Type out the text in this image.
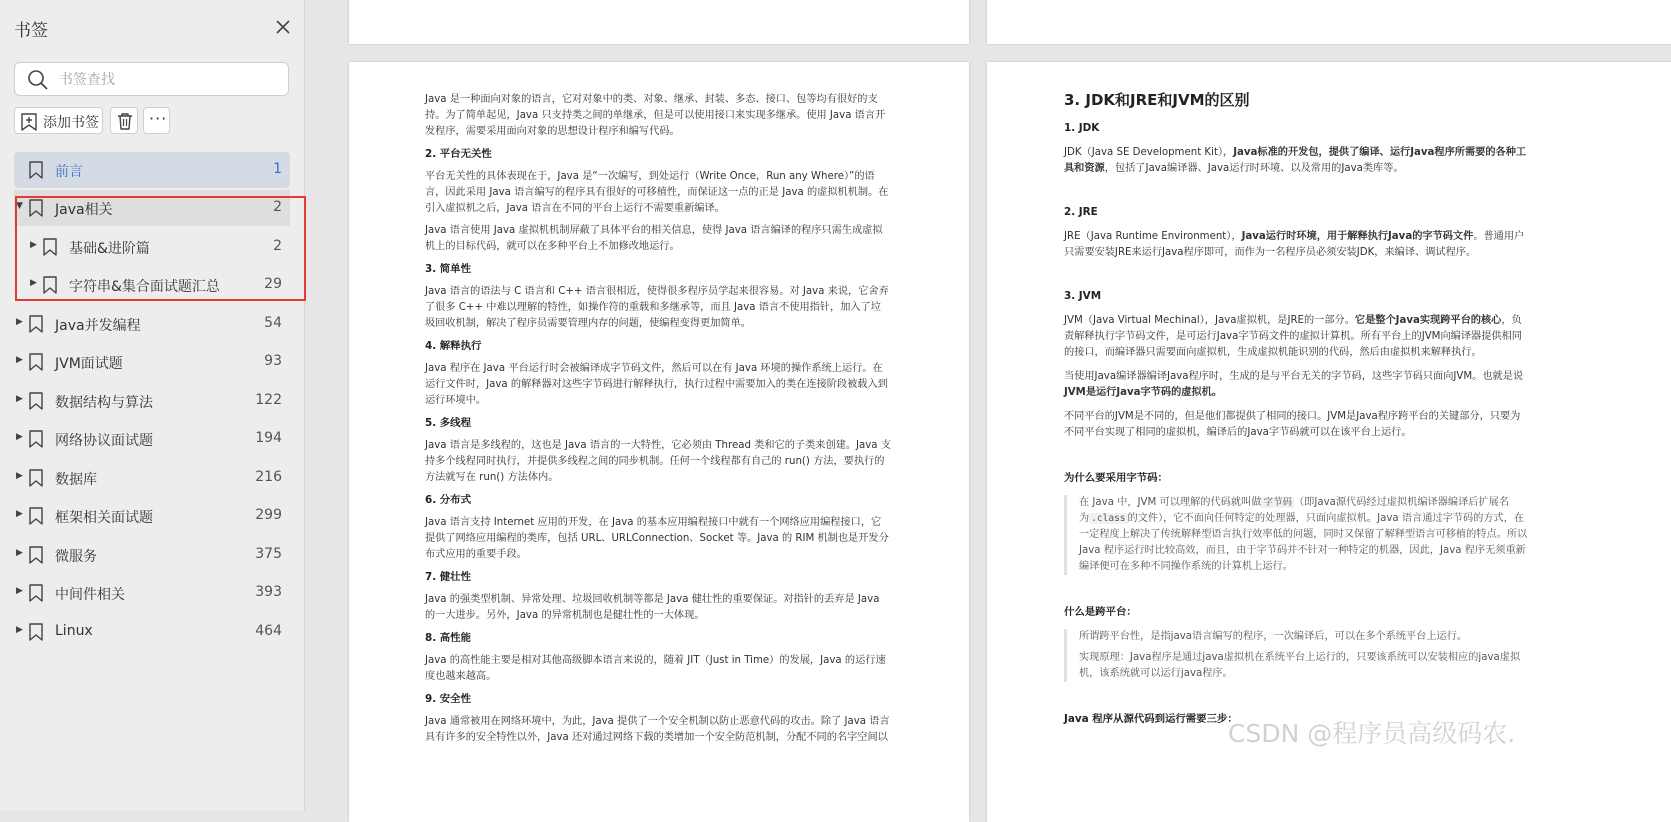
书签
书签查找
添加书签	···
前言	1
▼ Java相关	2
▶ 基础&进阶篇	2
▶ 字符串&集合面试题汇总	29
▶ Java并发编程	54
▶ JVM面试题	93
▶ 数据结构与算法	122
▶ 网络协议面试题	194
▶ 数据库	216
▶ 框架相关面试题	299
▶ 微服务	375
▶ 中间件相关	393
▶ Linux	464

Java 是一种面向对象的语言，它对对象中的类、对象、继承、封装、多态、接口、包等均有很好的支持。为了简单起见，Java 只支持类之间的单继承，但是可以使用接口来实现多继承。使用 Java 语言开发程序，需要采用面向对象的思想设计程序和编写代码。

2. 平台无关性

平台无关性的具体表现在于，Java 是“一次编写，到处运行（Write Once，Run any Where）”的语言，因此采用 Java 语言编写的程序具有很好的可移植性，而保证这一点的正是 Java 的虚拟机机制。在引入虚拟机之后，Java 语言在不同的平台上运行不需要重新编译。

Java 语言使用 Java 虚拟机机制屏蔽了具体平台的相关信息，使得 Java 语言编译的程序只需生成虚拟机上的目标代码，就可以在多种平台上不加修改地运行。

3. 简单性

Java 语言的语法与 C 语言和 C++ 语言很相近，使得很多程序员学起来很容易。对 Java 来说，它舍弃了很多 C++ 中难以理解的特性，如操作符的重载和多继承等，而且 Java 语言不使用指针，加入了垃圾回收机制，解决了程序员需要管理内存的问题，使编程变得更加简单。

4. 解释执行

Java 程序在 Java 平台运行时会被编译成字节码文件，然后可以在有 Java 环境的操作系统上运行。在运行文件时，Java 的解释器对这些字节码进行解释执行，执行过程中需要加入的类在连接阶段被载入到运行环境中。

5. 多线程

Java 语言是多线程的，这也是 Java 语言的一大特性，它必须由 Thread 类和它的子类来创建。Java 支持多个线程同时执行，并提供多线程之间的同步机制。任何一个线程都有自己的 run() 方法，要执行的方法就写在 run() 方法体内。

6. 分布式

Java 语言支持 Internet 应用的开发，在 Java 的基本应用编程接口中就有一个网络应用编程接口，它提供了网络应用编程的类库，包括 URL、URLConnection、Socket 等。Java 的 RIM 机制也是开发分布式应用的重要手段。

7. 健壮性

Java 的强类型机制、异常处理、垃圾回收机制等都是 Java 健壮性的重要保证。对指针的丢弃是 Java 的一大进步。另外，Java 的异常机制也是健壮性的一大体现。

8. 高性能

Java 的高性能主要是相对其他高级脚本语言来说的，随着 JIT（Just in Time）的发展，Java 的运行速度也越来越高。

9. 安全性

Java 通常被用在网络环境中，为此，Java 提供了一个安全机制以防止恶意代码的攻击。除了 Java 语言具有许多的安全特性以外，Java 还对通过网络下载的类增加一个安全防范机制，分配不同的名字空间以

3. JDK和JRE和JVM的区别
1. JDK

JDK（Java SE Development Kit），Java标准的开发包，提供了编译、运行Java程序所需要的各种工具和资源，包括了Java编译器、Java运行时环境、以及常用的Java类库等。

2. JRE

JRE（Java Runtime Environment），Java运行时环境，用于解释执行Java的字节码文件。普通用户只需要安装JRE来运行Java程序即可，而作为一名程序员必须安装JDK，来编译、调试程序。

3. JVM

JVM（Java Virtual Mechinal），Java虚拟机，是JRE的一部分。它是整个Java实现跨平台的核心，负责解释执行字节码文件，是可运行Java字节码文件的虚拟计算机。所有平台上的JVM向编译器提供相同的接口，而编译器只需要面向虚拟机，生成虚拟机能识别的代码，然后由虚拟机来解释执行。

当使用Java编译器编译Java程序时，生成的是与平台无关的字节码，这些字节码只面向JVM。也就是说JVM是运行Java字节码的虚拟机。

不同平台的JVM是不同的，但是他们都提供了相同的接口。JVM是Java程序跨平台的关键部分，只要为不同平台实现了相同的虚拟机，编译后的Java字节码就可以在该平台上运行。

为什么要采用字节码：

在 Java 中，JVM 可以理解的代码就叫做 字节码 （即Java源代码经过虚拟机编译器编译后扩展名为 .class 的文件），它不面向任何特定的处理器，只面向虚拟机。Java 语言通过字节码的方式，在一定程度上解决了传统解释型语言执行效率低的问题，同时又保留了解释型语言可移植的特点。所以 Java 程序运行时比较高效，而且，由于字节码并不针对一种特定的机器，因此，Java 程序无须重新编译便可在多种不同操作系统的计算机上运行。

什么是跨平台：

所谓跨平台性，是指java语言编写的程序，一次编译后，可以在多个系统平台上运行。

实现原理：Java程序是通过java虚拟机在系统平台上运行的，只要该系统可以安装相应的java虚拟机，该系统就可以运行java程序。

Java 程序从源代码到运行需要三步：
CSDN @程序员高级码农.
